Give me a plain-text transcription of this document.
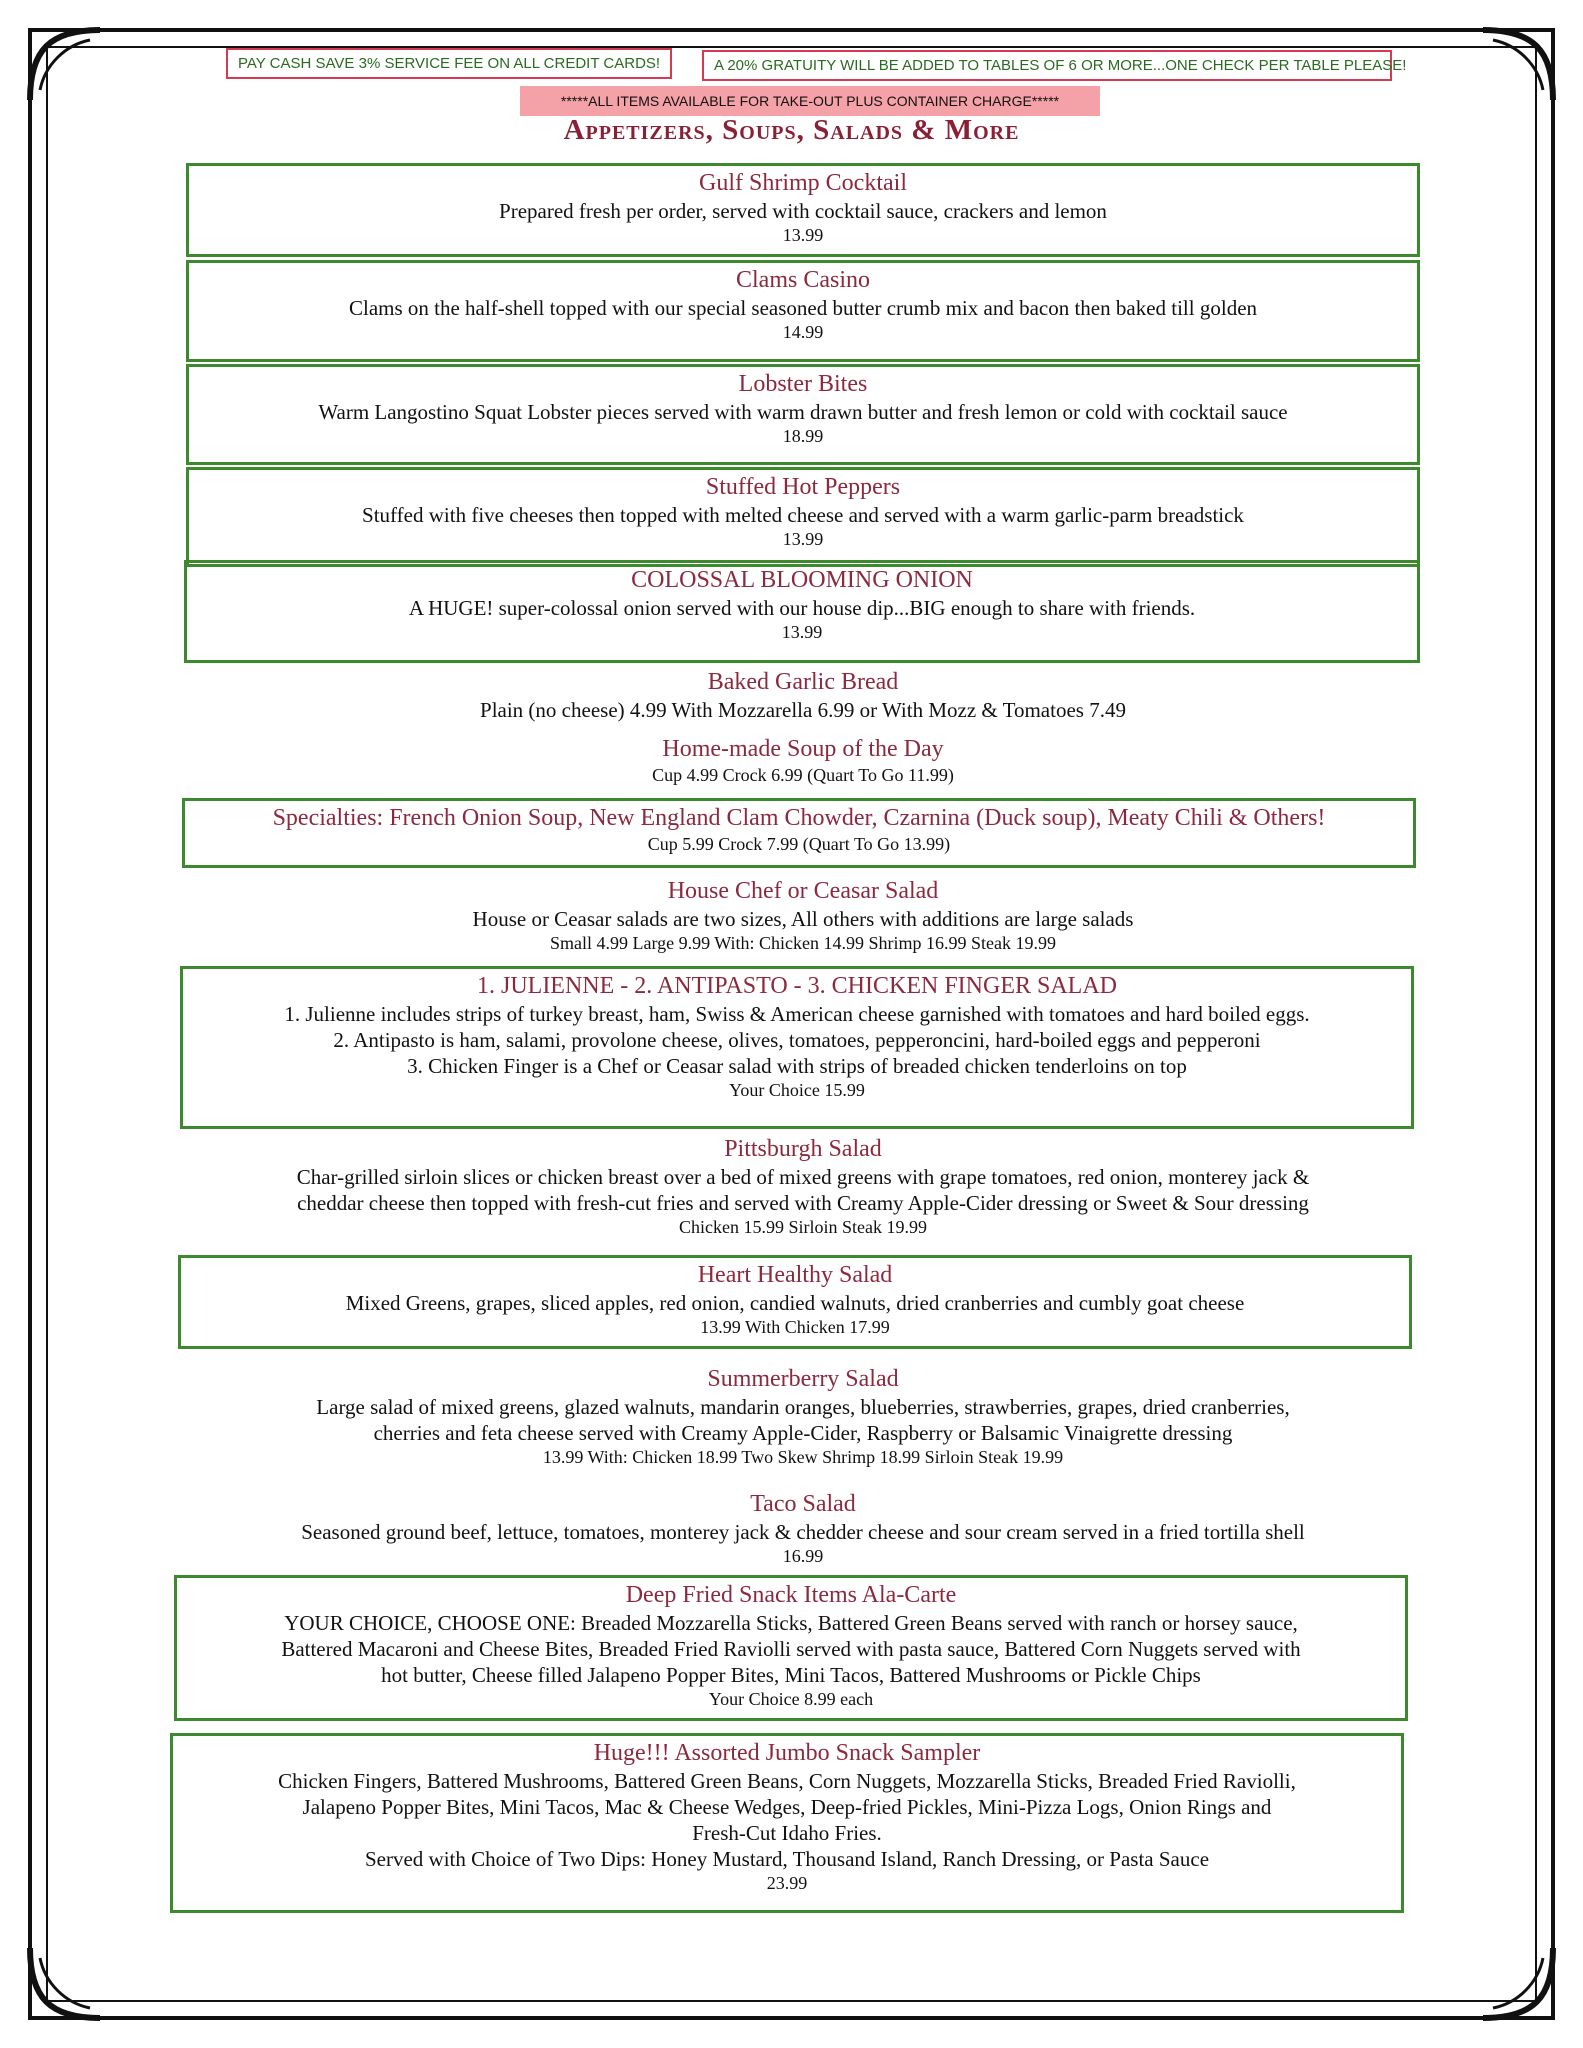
PAY CASH SAVE 3% SERVICE FEE ON ALL CREDIT CARDS!	A 20% GRATUITY WILL BE ADDED TO TABLES OF 6 OR MORE...ONE CHECK PER TABLE PLEASE!
*****ALL ITEMS AVAILABLE FOR TAKE-OUT PLUS CONTAINER CHARGE*****
Appetizers, Soups, Salads & More
Gulf Shrimp Cocktail
Prepared fresh per order, served with cocktail sauce, crackers and lemon
13.99
Clams Casino
Clams on the half-shell topped with our special seasoned butter crumb mix and bacon then baked till golden
14.99
Lobster Bites
Warm Langostino Squat Lobster pieces served with warm drawn butter and fresh lemon or cold with cocktail sauce
18.99
Stuffed Hot Peppers
Stuffed with five cheeses then topped with melted cheese and served with a warm garlic-parm breadstick
13.99
COLOSSAL BLOOMING ONION
A HUGE! super-colossal onion served with our house dip...BIG enough to share with friends.
13.99
Baked Garlic Bread
Plain (no cheese) 4.99 With Mozzarella 6.99 or With Mozz & Tomatoes 7.49
Home-made Soup of the Day
Cup 4.99 Crock 6.99 (Quart To Go 11.99)
Specialties: French Onion Soup, New England Clam Chowder, Czarnina (Duck soup), Meaty Chili & Others!
Cup 5.99 Crock 7.99 (Quart To Go 13.99)
House Chef or Ceasar Salad
House or Ceasar salads are two sizes, All others with additions are large salads
Small 4.99 Large 9.99 With: Chicken 14.99 Shrimp 16.99 Steak 19.99
1. JULIENNE - 2. ANTIPASTO - 3. CHICKEN FINGER SALAD
1. Julienne includes strips of turkey breast, ham, Swiss & American cheese garnished with tomatoes and hard boiled eggs.
2. Antipasto is ham, salami, provolone cheese, olives, tomatoes, pepperoncini, hard-boiled eggs and pepperoni
3. Chicken Finger is a Chef or Ceasar salad with strips of breaded chicken tenderloins on top
Your Choice 15.99
Pittsburgh Salad
Char-grilled sirloin slices or chicken breast over a bed of mixed greens with grape tomatoes, red onion, monterey jack &
cheddar cheese then topped with fresh-cut fries and served with Creamy Apple-Cider dressing or Sweet & Sour dressing
Chicken 15.99 Sirloin Steak 19.99
Heart Healthy Salad
Mixed Greens, grapes, sliced apples, red onion, candied walnuts, dried cranberries and cumbly goat cheese
13.99 With Chicken 17.99
Summerberry Salad
Large salad of mixed greens, glazed walnuts, mandarin oranges, blueberries, strawberries, grapes, dried cranberries,
cherries and feta cheese served with Creamy Apple-Cider, Raspberry or Balsamic Vinaigrette dressing
13.99 With: Chicken 18.99 Two Skew Shrimp 18.99 Sirloin Steak 19.99
Taco Salad
Seasoned ground beef, lettuce, tomatoes, monterey jack & chedder cheese and sour cream served in a fried tortilla shell
16.99
Deep Fried Snack Items Ala-Carte
YOUR CHOICE, CHOOSE ONE: Breaded Mozzarella Sticks, Battered Green Beans served with ranch or horsey sauce,
Battered Macaroni and Cheese Bites, Breaded Fried Raviolli served with pasta sauce, Battered Corn Nuggets served with
hot butter, Cheese filled Jalapeno Popper Bites, Mini Tacos, Battered Mushrooms or Pickle Chips
Your Choice 8.99 each
Huge!!! Assorted Jumbo Snack Sampler
Chicken Fingers, Battered Mushrooms, Battered Green Beans, Corn Nuggets, Mozzarella Sticks, Breaded Fried Raviolli,
Jalapeno Popper Bites, Mini Tacos, Mac & Cheese Wedges, Deep-fried Pickles, Mini-Pizza Logs, Onion Rings and
Fresh-Cut Idaho Fries.
Served with Choice of Two Dips: Honey Mustard, Thousand Island, Ranch Dressing, or Pasta Sauce
23.99
